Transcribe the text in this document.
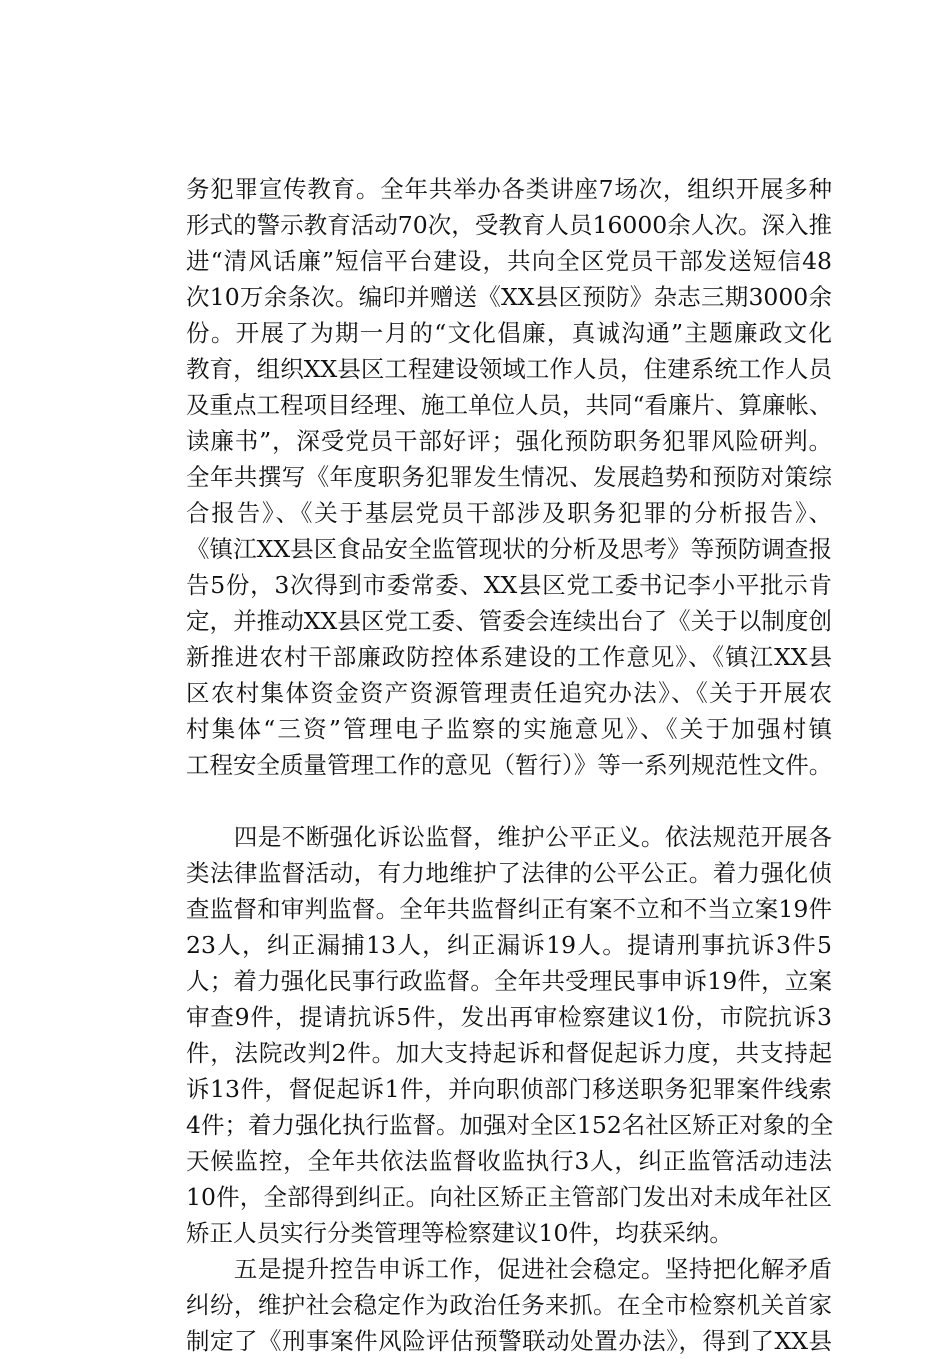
务犯罪宣传教育。全年共举办各类讲座7场次，组织开展多种
形式的警示教育活动70次，受教育人员16000余人次。深入推
进“清风话廉”短信平台建设，共向全区党员干部发送短信48
次10万余条次。编印并赠送《XX县区预防》杂志三期3000余
份。开展了为期一月的“文化倡廉，真诚沟通”主题廉政文化
教育，组织XX县区工程建设领域工作人员，住建系统工作人员
及重点工程项目经理、施工单位人员，共同“看廉片、算廉帐、
读廉书”，深受党员干部好评；强化预防职务犯罪风险研判。
全年共撰写《年度职务犯罪发生情况、发展趋势和预防对策综
合报告》、《关于基层党员干部涉及职务犯罪的分析报告》、
《镇江XX县区食品安全监管现状的分析及思考》等预防调查报
告5份，3次得到市委常委、XX县区党工委书记李小平批示肯
定，并推动XX县区党工委、管委会连续出台了《关于以制度创
新推进农村干部廉政防控体系建设的工作意见》、《镇江XX县
区农村集体资金资产资源管理责任追究办法》、《关于开展农
村集体“三资”管理电子监察的实施意见》、《关于加强村镇
工程安全质量管理工作的意见（暂行）》等一系列规范性文件。
　　四是不断强化诉讼监督，维护公平正义。依法规范开展各
类法律监督活动，有力地维护了法律的公平公正。着力强化侦
查监督和审判监督。全年共监督纠正有案不立和不当立案19件
23人，纠正漏捕13人，纠正漏诉19人。提请刑事抗诉3件5
人；着力强化民事行政监督。全年共受理民事申诉19件，立案
审查9件，提请抗诉5件，发出再审检察建议1份，市院抗诉3
件，法院改判2件。加大支持起诉和督促起诉力度，共支持起
诉13件，督促起诉1件，并向职侦部门移送职务犯罪案件线索
4件；着力强化执行监督。加强对全区152名社区矫正对象的全
天候监控，全年共依法监督收监执行3人，纠正监管活动违法
10件，全部得到纠正。向社区矫正主管部门发出对未成年社区
矫正人员实行分类管理等检察建议10件，均获采纳。
　　五是提升控告申诉工作，促进社会稳定。坚持把化解矛盾
纠纷，维护社会稳定作为政治任务来抓。在全市检察机关首家
制定了《刑事案件风险评估预警联动处置办法》，得到了XX县
